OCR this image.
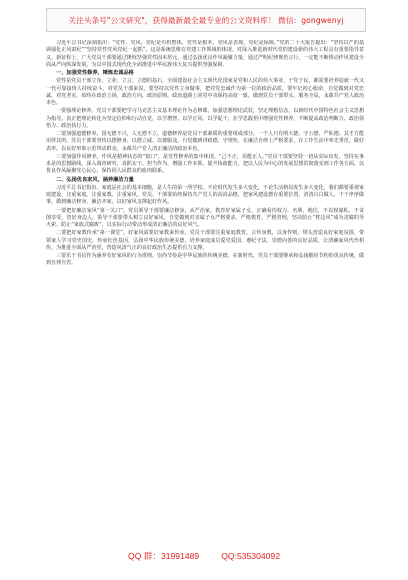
关注头条号"公文研究"，获得最新最全最专业的公文资料库！ 微信：gongwenyj

习近平总书记深刻指出：“党性、党风、党纪是有机整体，党性是根本，党风是表现，党纪是保障。”党的二十大报告提出：“坚持以严的基调强化正风肃纪”“坚持党性党风党纪一起抓”。这是系统思维在党建工作领域的体现。对深入推进新时代党的建设新的伟大工程具有重要指导意义。新征程上，广大党员干部要通过锤炼坚强党性固本培元，通过弘扬优良作风凝聚力量，通过严明纪律规范言行，一定能不断推动作风建设全面从严向纵深发展，为以中国式现代化全面推进中华民族伟大复兴提供坚强保障。

一、加强党性修养，锤炼忠诚品格

党性是党员干部立身、立业、立言、立德的基石，全面建设社会主义现代化国家是党和人民的伟大事业，于党于民，都需要培养造就一代又一代可靠接班人持续奋斗。对党员干部来说，要坚持以党性立身做事，把对党忠诚作为第一位的政治品质，要牢记初心使命，自觉做到对党忠诚、对党老实，始终在政治立场、政治方向、政治原则、政治道路上同党中央保持高度一致，做到党员干部带头、服务全局，永葆共产党人政治本色。

一要强理论修养。党员干部要把学习马克思主义基本理论作为必修课，加强思想理论武装，坚定理想信念，以新时代中国特色社会主义思想为指导。真正把理论转化为坚定信仰和行动自觉，以学增智、以学正风、以学促干，在学思践悟中增强党性修养，不断提高政治判断力、政治领悟力、政治执行力。

二要加强道德修养。国无德不兴，人无德不立。道德修养是党员干部素质的重要组成部分。一个人只有明大德、守公德、严私德，其才方能用得其所。党员干部要坚持以德修身、以德立威、以德服众，自觉做到讲政德、守规矩，在廉洁自律上严格要求，在工作生活中率先垂范，做好表率，以良好形象示范带动群众，永葆共产党人清正廉洁的政治本色。

三要加强作风修养。作风是精神状态的“窗口”，是党性修养的集中体现。“己不正，焉能正人。”党员干部要坚持一切从实际出发，坚持实事求是的思想路线，深入调查研究，真抓实干、担当作为，增强工作本领，提升执政能力，把以人民为中心的发展思想贯彻落实到工作各方面，以优良作风凝聚党心民心，保持同人民群众的血肉联系。

二、弘扬优良家风，涵养廉洁力量

习近平总书记指出，家庭是社会的基本细胞，是人生的第一所学校。不论时代发生多大变化，不论生活格局发生多大变化，我们都要重视家庭建设，注重家庭、注重家教、注重家风。党员、干部要始终保持共产党人的高尚品格，把家风建设摆在重要位置，清清白白做人、干干净净做事，做到廉洁修身、廉洁齐家，以好家风支撑起好作风。

一要把好廉洁家风“第一关口”。党员领导干部要廉洁修身，从严治家，教育好家属子女，正确看待权力、名利、地位，不以权谋私，不贪图享受，管好身边人。领导干部要带头树立良好家风，自觉做到对亲属子女严格要求，严格教育，严格管理，坚决防止“枕边风”成为贪腐的导火索，防止“家族式腐败”，以实际行动带动形成清正廉洁的良好风气。

二要把好家教传承“第一课堂”。好家风需要好家教来传承。党员干部要注重家庭教育，言传身教，以身作则，带头营造良好家庭氛围，带领家人学习党史国史，传承红色基因，弘扬中华民族传统美德，培养家庭成员爱党爱国、遵纪守法、崇德向善的良好品质，让清廉家风代代相传，为推进全面从严治党、营造风清气正的良好政治生态提供有力支撑。

三要乐于书信作为涵养有好家风的行为准则。崇尚节俭是中华民族的传统美德，在新时代，党员干部要继承和弘扬勤俭节约的优良传统，做到自律自省。

QQ 群：31991489	QQ:535304092
